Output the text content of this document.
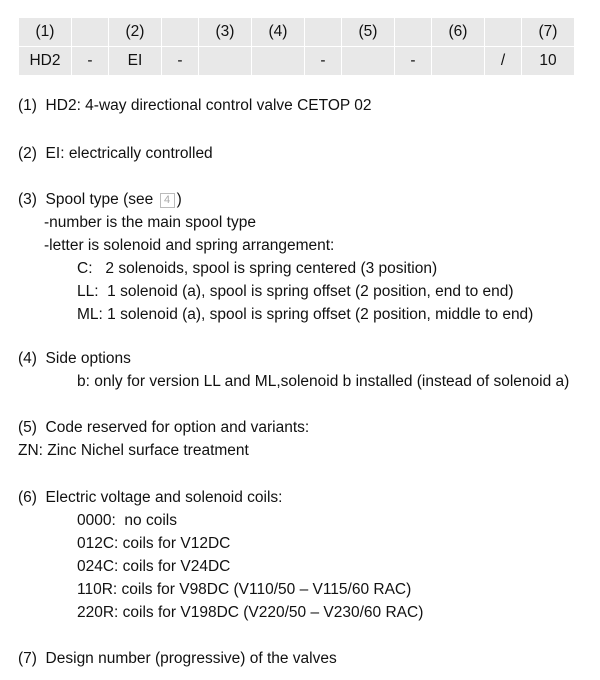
(1)		(2)		(3)	(4)		(5)		(6)		(7)
HD2	-	EI	-			-		-		/	10
(1)  HD2: 4-way directional control valve CETOP 02
(2)  EI: electrically controlled
(3)  Spool type (see 4 )
-number is the main spool type
-letter is solenoid and spring arrangement:
C:   2 solenoids, spool is spring centered (3 position)
LL:  1 solenoid (a), spool is spring offset (2 position, end to end)
ML: 1 solenoid (a), spool is spring offset (2 position, middle to end)
(4)  Side options
b: only for version LL and ML,solenoid b installed (instead of solenoid a)
(5)  Code reserved for option and variants:
ZN: Zinc Nichel surface treatment
(6)  Electric voltage and solenoid coils:
0000:  no coils
012C: coils for V12DC
024C: coils for V24DC
110R: coils for V98DC (V110/50 – V115/60 RAC)
220R: coils for V198DC (V220/50 – V230/60 RAC)
(7)  Design number (progressive) of the valves
